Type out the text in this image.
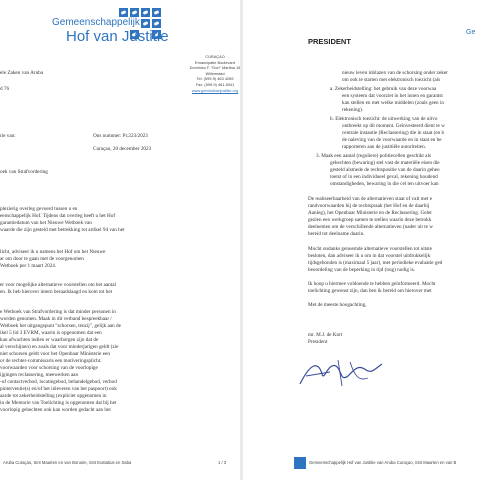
Gemeenschappelijk
Hof van Justitie
CURAÇAO
Emancipatie Boulevard
Dominico F. "Don" Martina 18
Willemstad
Tel: (599-9) 463 4265
Fax: (599-9) 461 8341
www.gemhofvanjustitie.org
ele Zaken van Aruba
d 76
rie van:	Ons nummer: Pr.223/2023
Curaçao, 20 december 2023
oek van Strafvordering
plezierig overleg gevoerd tussen u en
eenschappelijk Hof. Tijdens dat overleg heeft u het Hof
garantiedatum van het Nieuwe Wetboek van
waarde die zijn gesteld met betrekking tot artikel 94 van het
licht, adviseer ik u namens het Hof om het Nieuwe
ar om door te gaan met de voorgenomen
Wetboek per 1 maart 2024.
er voor mogelijke alternatieve voorstellen om het aantal
en. Ik heb hierover intern beraadslaagd en kom tot het
e Wetboek van Strafvordering is dat minder personen in
worden genomen. Maak in dit verband bespreekbaar /
Wetboek het uitgangspunt "schorsen, tenzij", gelijk aan de
ikel 5 lid 3 EVRM, waarin is opgenomen dat een
kan afwachten indien er waarborgen zijn dat de
al verschijnen) en zoals dat voor minderjarigen geldt (zie
niet schorsen geldt voor het Openbaar Ministerie een
or de rechter-commissaris een motiveringsplicht.
voorwaarden voor schorsing van de voorlopige
ijgingen reclassering, meewerken aan
-of contactverbod, locatiegebod, behandelgebod, verbod
pinterventie(s) en/of het inleveren van het paspoort) ook
aarde tot zekerheidstelling (expliciet opgenomen in
in de Memorie van Toelichting is opgenomen dat bij het
voorlopig gehechten ook kan worden gedacht aan het
Aruba Curaçao, Sint Maarten en van Bonaire, Sint Eustatius en Saba	1 / 3
PRESIDENT
Ge
nieuw leven inblazen van de schorsing onder zeker
om ook te starten met elektronisch toezicht (als
a. Zekerheidstelling: het gebruik van deze voorwaa
een systeem dat voorziet in het innen en garantst
kan stellen en met welke middelen (zoals geen in
rekening).
b. Elektronisch toezicht: de uitwerking van de uitvo
ontbreekt op dit moment. Geïnvesteerd dient te w
centrale instantie (Reclassering) die in staat (en b
de naleving van de voorwaarde en in staat en be
rapporteren aan de justitiële autoriteiten.
3. Maak een aantal (reguliere) politiecellen geschikt als
gehechten (bewaring) stel vast de materiële eisen die
gesteld alsmede de rechtspositie van de daarin geheo
toetst of in een individueel geval, rekening houdend
omstandigheden, bewaring in die cel ten uitvoer kan
De realiseerbaarheid van de alternatieven staat of valt met e
randvoorwaarden bij de rechtspraak (het Hof en de daarbij
Aanleg), het Openbaar Ministerie en de Reclassering. Gelet
gezien een werkgroep samen te stellen waarin deze betrokk
deelnemen om de verschillende alternatieven (nader uit te w
bereid tot deelname daarin.
Mocht ondanks genoemde alternatieve voorstellen tot uitste
besloten, dan adviseer ik u om in dat voorstel uitdrukkelijk
tijdsgebonden is (maximaal 5 jaar), met periodieke evaluatie ged
beoordeling van de beperking in tijd (nog) nodig is.
Ik hoop u hiermee voldoende te hebben geïnformeerd. Mocht
toelichting gewenst zijn, dan ben ik bereid om hierover met
Met de meeste hoogachting,
mr. M.J. de Kort
President
Gemeenschappelijk Hof van Justitie van Aruba Curaçao, Sint Maarten en van B
